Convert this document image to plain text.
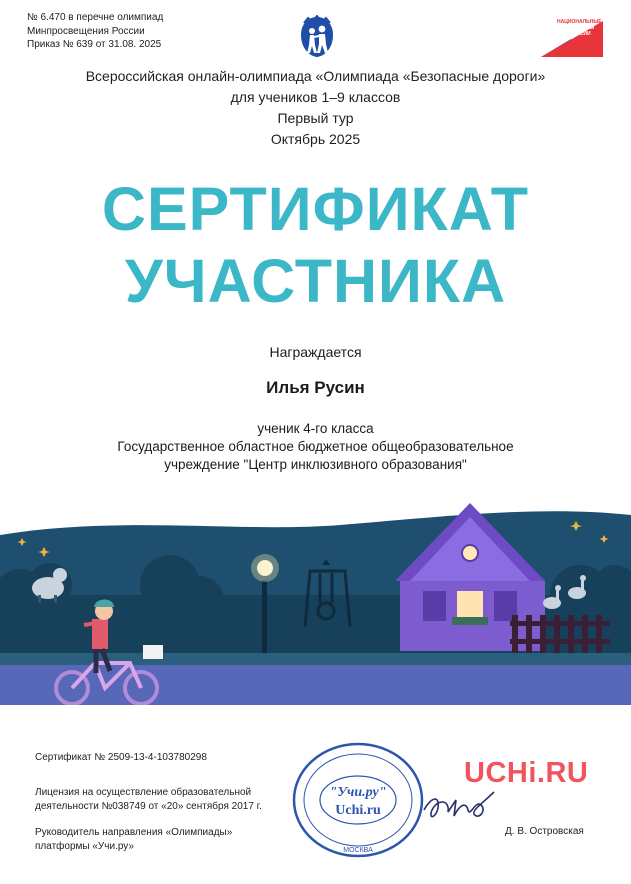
№ 6.470 в перечне олимпиад
Минпросвещения России
Приказ № 639 от 31.08. 2025
НАЦИОНАЛЬНЫЕ
ПРОЕКТЫ
РОССИИ
Всероссийская онлайн-олимпиада «Олимпиада «Безопасные дороги»
для учеников 1–9 классов
Первый тур
Октябрь 2025
СЕРТИФИКАТ
УЧАСТНИКА
Награждается
Илья Русин
ученик 4-го класса
Государственное областное бюджетное общеобразовательное
учреждение "Центр инклюзивного образования"
Сертификат № 2509-13-4-103780298
Лицензия на осуществление образовательной
деятельности №038749 от «20» сентября 2017 г.
Руководитель направления «Олимпиады»
платформы «Учи.ру»
"Учи.ру"
Uchi.ru
МОСКВА
UCHi.RU
Д. В. Островская
